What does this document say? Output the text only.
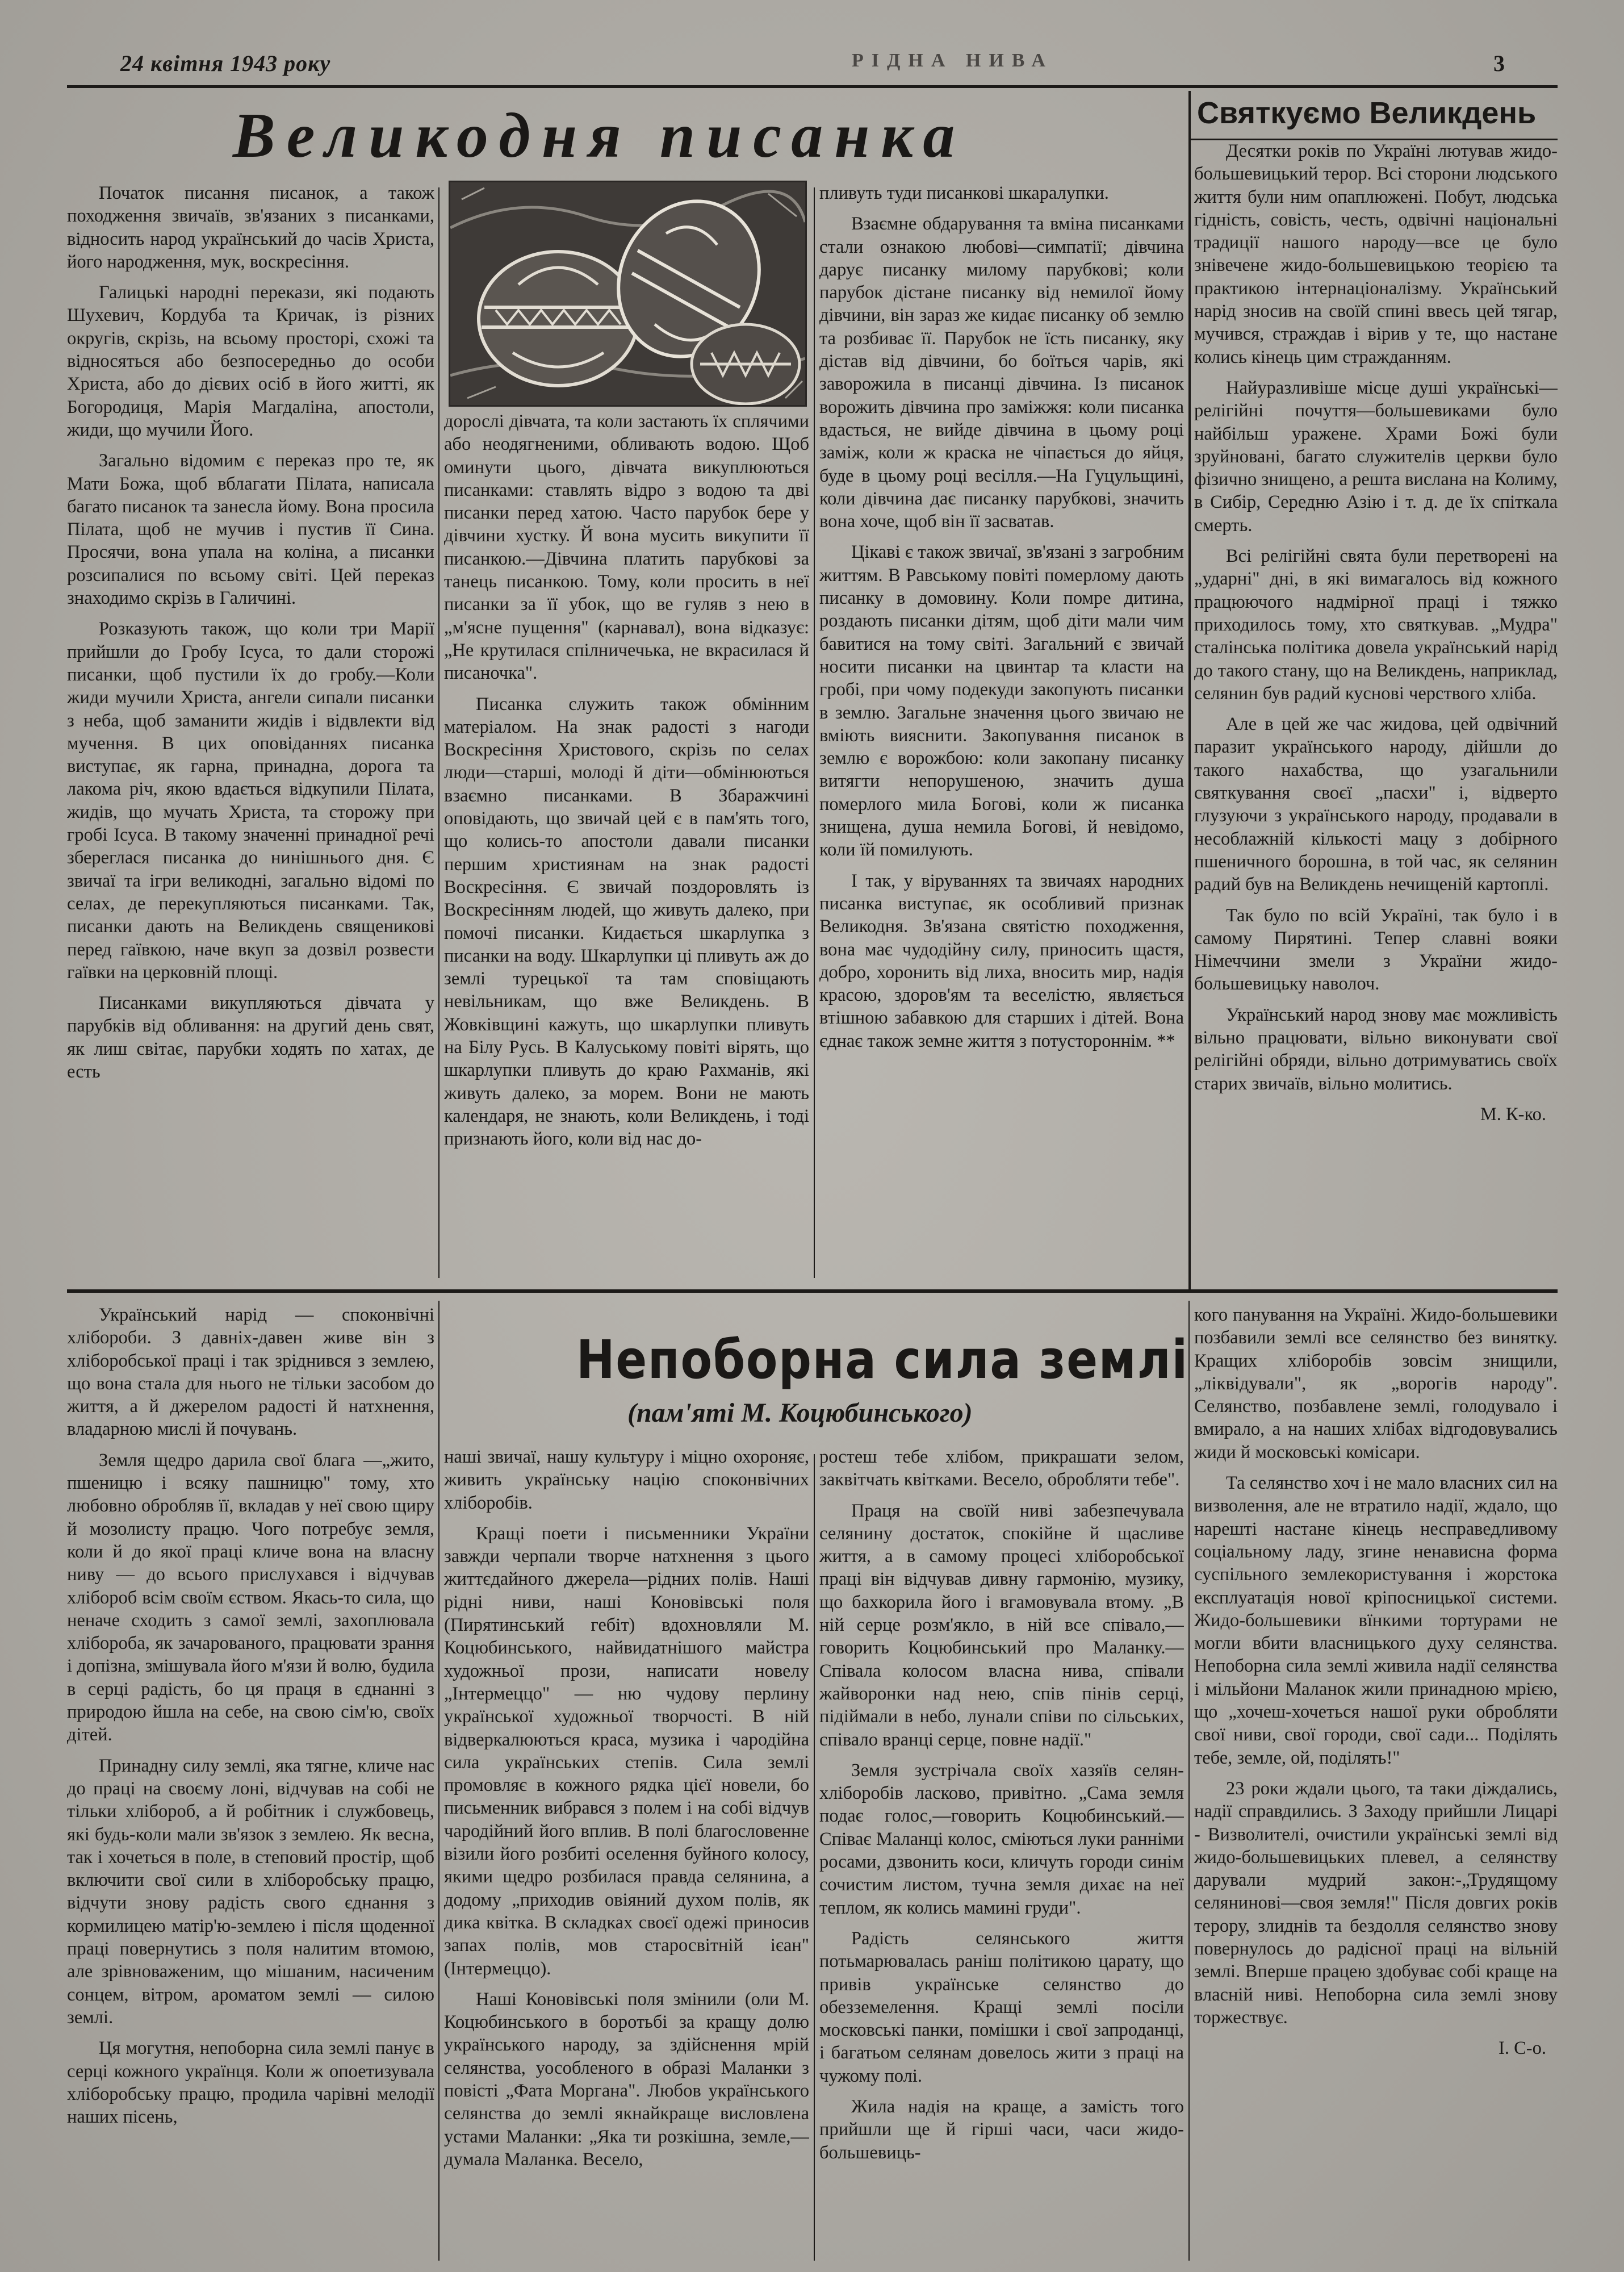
24 квітня 1943 року	РІДНА НИВА	3
Великодня писанка

Початок писання писанок, а також походження звичаїв, зв'язаних з писанками, відносить народ український до часів Христа, його народження, мук, воскресіння.

Галицькі народні перекази, які подають Шухевич, Кордуба та Кричак, із різних округів, скрізь, на всьому просторі, схожі та відносяться або безпосередньо до особи Христа, або до дієвих осіб в його житті, як Богородиця, Марія Магдаліна, апостоли, жиди, що мучили Його.

Загально відомим є переказ про те, як Мати Божа, щоб вблагати Пілата, написала багато писанок та занесла йому. Вона просила Пілата, щоб не мучив і пустив її Сина. Просячи, вона упала на коліна, а писанки розсипалися по всьому світі. Цей переказ знаходимо скрізь в Галичині.

Розказують також, що коли три Марії прийшли до Гробу Ісуса, то дали сторожі писанки, щоб пустили їх до гробу.—Коли жиди мучили Христа, ангели сипали писанки з неба, щоб заманити жидів і відвлекти від мучення. В цих оповіданнях писанка виступає, як гарна, принадна, дорога та лакома річ, якою вдається відкупили Пілата, жидів, що мучать Христа, та сторожу при гробі Ісуса. В такому значенні принадної речі збереглася писанка до нинішнього дня. Є звичаї та ігри великодні, загально відомі по селах, де перекупляються писанками. Так, писанки дають на Великдень священикові перед гаївкою, наче вкуп за дозвіл розвести гаївки на церковній площі.

Писанками викупляються дівчата у парубків від обливання: на другий день свят, як лиш світає, парубки ходять по хатах, де есть

дорослі дівчата, та коли застають їх сплячими або неодягненими, обливають водою. Щоб оминути цього, дівчата викуплюються писанками: ставлять відро з водою та дві писанки перед хатою. Часто парубок бере у дівчини хустку. Й вона мусить викупити її писанкою.—Дівчина платить парубкові за танець писанкою. Тому, коли просить в неї писанки за її убок, що ве гуляв з нею в „м'ясне пущення" (карнавал), вона відказує: „Не крутилася спілничечька, не вкрасилася й писаночка".

Писанка служить також обмінним матеріалом. На знак радості з нагоди Воскресіння Христового, скрізь по селах люди—старші, молоді й діти—обмінюються взаємно писанками. В Збаражчині оповідають, що звичай цей є в пам'ять того, що колись-то апостоли давали писанки першим християнам на знак радості Воскресіння. Є звичай поздоровлять із Воскресінням людей, що живуть далеко, при помочі писанки. Кидається шкарлупка з писанки на воду. Шкарлупки ці пливуть аж до землі турецької та там сповіщають невільникам, що вже Великдень. В Жовківщині кажуть, що шкарлупки пливуть на Білу Русь. В Калуському повіті вірять, що шкарлупки пливуть до краю Рахманів, які живуть далеко, за морем. Вони не мають календаря, не знають, коли Великдень, і тоді признають його, коли від нас до-

пливуть туди писанкові шкаралупки.

Взаємне обдарування та вміна писанками стали ознакою любові—симпатії; дівчина дарує писанку милому парубкові; коли парубок дістане писанку від немилої йому дівчини, він зараз же кидає писанку об землю та розбиває її. Парубок не їсть писанку, яку дістав від дівчини, бо боїться чарів, які заворожила в писанці дівчина. Із писанок ворожить дівчина про заміжжя: коли писанка вдасться, не вийде дівчина в цьому році заміж, коли ж краска не чіпається до яйця, буде в цьому році весілля.—На Гуцульщині, коли дівчина дає писанку парубкові, значить вона хоче, щоб він її засватав.

Цікаві є також звичаї, зв'язані з загробним життям. В Равському повіті померлому дають писанку в домовину. Коли помре дитина, роздають писанки дітям, щоб діти мали чим бавитися на тому світі. Загальний є звичай носити писанки на цвинтар та класти на гробі, при чому подекуди закопують писанки в землю. Загальне значення цього звичаю не вміють вияснити. Закопування писанок в землю є ворожбою: коли закопану писанку витягти непорушеною, значить душа померлого мила Богові, коли ж писанка знищена, душа немила Богові, й невідомо, коли їй помилують.

І так, у віруваннях та звичаях народних писанка виступає, як особливий признак Великодня. Зв'язана святістю походження, вона має чудодійну силу, приносить щастя, добро, хоронить від лиха, вносить мир, надія красою, здоров'ям та веселістю, являється втішною забавкою для старших і дітей. Вона єднає також земне життя з потустороннім. **

Святкуємо Великдень

Десятки років по Україні лютував жидо-большевицький терор. Всі сторони людського життя були ним опаплюжені. Побут, людська гідність, совість, честь, одвічні національні традиції нашого народу—все це було знівечене жидо-большевицькою теорією та практикою інтернаціоналізму. Український нарід зносив на своїй спині ввесь цей тягар, мучився, страждав і вірив у те, що настане колись кінець цим стражданням.

Найуразливіше місце душі українські—релігійні почуття—большевиками було найбільш уражене. Храми Божі були зруйновані, багато служителів церкви було фізично знищено, а решта вислана на Колиму, в Сибір, Середню Азію і т. д. де їх спіткала смерть.

Всі релігійні свята були перетворені на „ударні" дні, в які вимагалось від кожного працюючого надмірної праці і тяжко приходилось тому, хто святкував. „Мудра" сталінська політика довела український нарід до такого стану, що на Великдень, наприклад, селянин був радий куснові черствого хліба.

Але в цей же час жидова, цей одвічний паразит українського народу, дійшли до такого нахабства, що узагальнили святкування своєї „пасхи" і, відверто глузуючи з українського народу, продавали в несоблажній кількості мацу з добірного пшеничного борошна, в той час, як селянин радий був на Великдень нечищеній картоплі.

Так було по всій Україні, так було і в самому Пирятині. Тепер славні вояки Німеччини змели з України жидо-большевицьку наволоч.

Український народ знову має можливість вільно працювати, вільно виконувати свої релігійні обряди, вільно дотримуватись своїх старих звичаїв, вільно молитись.

М. К-ко.
Непоборна сила землі
(пам'яті М. Коцюбинського)

Український нарід — споконвічні хлібороби. З давніх-давен живе він з хліборобської праці і так зріднився з землею, що вона стала для нього не тільки засобом до життя, а й джерелом радості й натхнення, владарною мислі й почувань.

Земля щедро дарила свої блага —„жито, пшеницю і всяку пашницю" тому, хто любовно обробляв її, вкладав у неї свою щиру й мозолисту працю. Чого потребує земля, коли й до якої праці кличе вона на власну ниву — до всього прислухався і відчував хлібороб всім своїм єством. Якась-то сила, що неначе сходить з самої землі, захоплювала хлібороба, як зачарованого, працювати зрання і допізна, змішувала його м'язи й волю, будила в серці радість, бо ця праця в єднанні з природою йшла на себе, на свою сім'ю, своїх дітей.

Принадну силу землі, яка тягне, кличе нас до праці на своєму лоні, відчував на собі не тільки хлібороб, а й робітник і службовець, які будь-коли мали зв'язок з землею. Як весна, так і хочеться в поле, в степовий простір, щоб включити свої сили в хліборобську працю, відчути знову радість свого єднання з кормилицею матір'ю-землею і після щоденної праці повернутись з поля налитим втомою, але зрівноваженим, що мішаним, насиченим сонцем, вітром, ароматом землі — силою землі.

Ця могутня, непоборна сила землі панує в серці кожного українця. Коли ж опоетизувала хліборобську працю, продила чарівні мелодії наших пісень,

наші звичаї, нашу культуру і міцно охороняє, живить українську націю споконвічних хліборобів.

Кращі поети і письменники України завжди черпали творче натхнення з цього життєдайного джерела—рідних полів. Наші рідні ниви, наші Коновівські поля (Пирятинський гебіт) вдохновляли М. Коцюбинського, найвидатнішого майстра художньої прози, написати новелу „Інтермеццо" — ню чудову перлину української художньої творчості. В ній відверкалюються краса, музика і чародійна сила українських степів. Сила землі промовляє в кожного рядка цієї новели, бо письменник вибрався з полем і на собі відчув чародійний його вплив. В полі благословенне візили його розбиті оселення буйного колосу, якими щедро розбилася правда селянина, а додому „приходив овіяний духом полів, як дика квітка. В складках своєї одежі приносив запах полів, мов старосвітній ієан" (Інтермеццо).

Наші Коновівські поля змінили (оли М. Коцюбинського в боротьбі за кращу долю українського народу, за здійснення мрій селянства, уособленого в образі Маланки з повісті „Фата Моргана". Любов українського селянства до землі якнайкраще висловлена устами Маланки: „Яка ти розкішна, земле,—думала Маланка. Весело,

ростеш тебе хлібом, прикрашати зелом, заквітчать квітками. Весело, обробляти тебе".

Праця на своїй ниві забезпечувала селянину достаток, спокійне й щасливе життя, а в самому процесі хліборобської праці він відчував дивну гармонію, музику, що бахкорила його і вгамовувала втому. „В ній серце розм'якло, в ній все співало,—говорить Коцюбинський про Маланку.—Співала колосом власна нива, співали жайворонки над нею, спів пінів серці, підіймали в небо, лунали співи по сільських, співало вранці серце, повне надії."

Земля зустрічала своїх хазяїв селян-хліборобів ласково, привітно. „Сама земля подає голос,—говорить Коцюбинський.—Співає Маланці колос, сміються луки ранніми росами, дзвонить коси, кличуть городи синім сочистим листом, тучна земля дихає на неї теплом, як колись мамині груди".

Радість селянського життя потьмарювалась раніш політикою царату, що привів українське селянство до обезземелення. Кращі землі посіли московські панки, помішки і свої запроданці, і багатьом селянам довелось жити з праці на чужому полі.

Жила надія на краще, а замість того прийшли ще й гірші часи, часи жидо-большевиць-

кого панування на Україні. Жидо-большевики позбавили землі все селянство без винятку. Кращих хліборобів зовсім знищили, „ліквідували", як „ворогів народу". Селянство, позбавлене землі, голодувало і вмирало, а на наших хлібах відгодовувались жиди й московські комісари.

Та селянство хоч і не мало власних сил на визволення, але не втратило надії, ждало, що нарешті настане кінець несправедливому соціальному ладу, згине ненависна форма суспільного землекористування і жорстока експлуатація нової кріпосницької системи. Жидо-большевики вїнкими тортурами не могли вбити власницького духу селянства. Непоборна сила землі живила надії селянства і мільйони Маланок жили принадною мрією, що „хочеш-хочеться нашої руки обробляти свої ниви, свої городи, свої сади... Поділять тебе, земле, ой, поділять!"

23 роки ждали цього, та таки діждались, надії справдились. З Заходу прийшли Лицарі - Визволителі, очистили українські землі від жидо-большевицьких плевел, а селянству дарували мудрий закон:-„Трудящому селянинові—своя земля!" Після довгих років терору, злиднів та бездолля селянство знову повернулось до радісної праці на вільній землі. Вперше працею здобуває собі краще на власній ниві. Непоборна сила землі знову торжествує.

І. С-о.
